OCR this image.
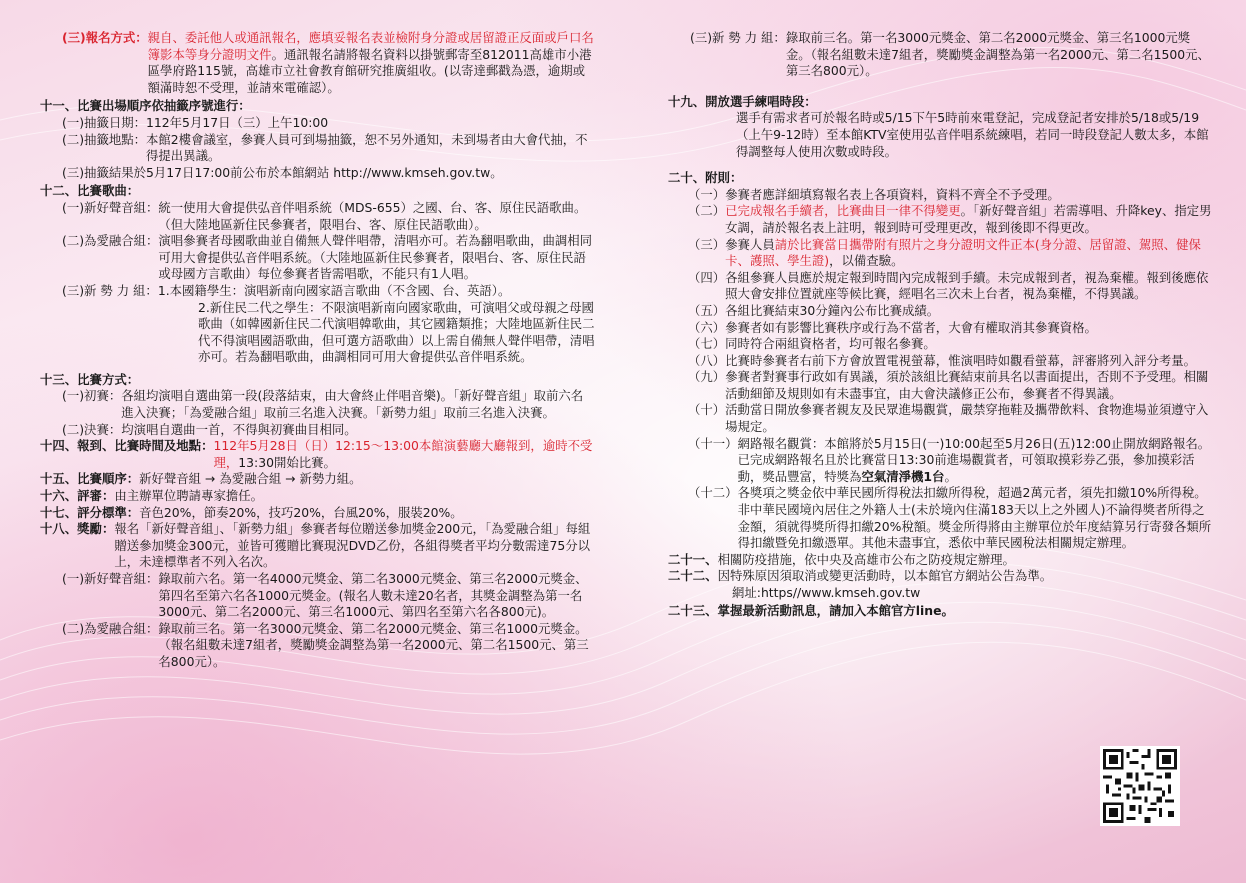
(三)報名方式： 親自、委託他人或通訊報名，應填妥報名表並檢附身分證或居留證正反面或戶口名簿影本等身分證明文件。通訊報名請將報名資料以掛號郵寄至812011高雄市小港區學府路115號，高雄市立社會教育館研究推廣組收。(以寄達郵戳為憑，逾期或額滿時恕不受理，並請來電確認）。
十一、比賽出場順序依抽籤序號進行：
(一)抽籤日期： 112年5月17日（三）上午10:00
(二)抽籤地點： 本館2樓會議室，參賽人員可到場抽籤，恕不另外通知，未到場者由大會代抽，不得提出異議。
(三)抽籤結果於 5月17日17:00前公布於本館網站 http://www.kmseh.gov.tw。
十二、比賽歌曲：
(一)新好聲音組： 統一使用大會提供弘音伴唱系統（MDS-655）之國、台、客、原住民語歌曲。（但大陸地區新住民參賽者，限唱台、客、原住民語歌曲）。
(二)為愛融合組： 演唱參賽者母國歌曲並自備無人聲伴唱帶，清唱亦可。若為翻唱歌曲，曲調相同可用大會提供弘音伴唱系統。（大陸地區新住民參賽者，限唱台、客、原住民語或母國方言歌曲）每位參賽者皆需唱歌，不能只有1人唱。
(三)新 勢 力 組： 1.本國籍學生：演唱新南向國家語言歌曲（不含國、台、英語）。
2.新住民二代之學生：不限演唱新南向國家歌曲，可演唱父或母親之母國歌曲（如韓國新住民二代演唱韓歌曲，其它國籍類推；大陸地區新住民二代不得演唱國語歌曲，但可選方語歌曲）以上需自備無人聲伴唱帶，清唱亦可。若為翻唱歌曲，曲調相同可用大會提供弘音伴唱系統。
十三、比賽方式：
(一)初賽： 各組均演唱自選曲第一段(段落結束，由大會終止伴唱音樂)。「新好聲音組」取前六名進入決賽；「為愛融合組」取前三名進入決賽。「新勢力組」取前三名進入決賽。
(二)決賽： 均演唱自選曲一首，不得與初賽曲目相同。
十四、報到、比賽時間及地點： 112年5月28日（日）12:15～13:00本館演藝廳大廳報到，逾時不受理，13:30開始比賽。
十五、比賽順序： 新好聲音組 → 為愛融合組 → 新勢力組。
十六、評審： 由主辦單位聘請專家擔任。
十七、評分標準： 音色20%，節奏20%，技巧20%，台風20%，服裝20%。
十八、獎勵： 報名「新好聲音組」、「新勢力組」參賽者每位贈送參加獎金200元，「為愛融合組」每組贈送參加獎金300元，並皆可獲贈比賽現況DVD乙份，各組得獎者平均分數需達75分以上，未達標準者不列入名次。
(一)新好聲音組： 錄取前六名。第一名4000元獎金、第二名3000元獎金、第三名2000元獎金、第四名至第六名各1000元獎金。(報名人數未達20名者，其獎金調整為第一名3000元、第二名2000元、第三名1000元、第四名至第六名各800元)。
(二)為愛融合組： 錄取前三名。第一名3000元獎金、第二名2000元獎金、第三名1000元獎金。（報名組數未達7組者，獎勵獎金調整為第一名2000元、第二名1500元、第三名800元）。
(三)新 勢 力 組： 錄取前三名。第一名3000元獎金、第二名2000元獎金、第三名1000元獎金。（報名組數未達7組者，獎勵獎金調整為第一名2000元、第二名1500元、第三名800元）。
十九、開放選手練唱時段：
選手有需求者可於報名時或5/15下午5時前來電登記，完成登記者安排於5/18或5/19（上午9-12時）至本館KTV室使用弘音伴唱系統練唱，若同一時段登記人數太多，本館得調整每人使用次數或時段。
二十、附則：
（一） 參賽者應詳細填寫報名表上各項資料，資料不齊全不予受理。
（二） 已完成報名手續者，比賽曲目一律不得變更。「新好聲音組」若需導唱、升降key、指定男女調，請於報名表上註明，報到時可受理更改，報到後即不得更改。
（三） 參賽人員請於比賽當日攜帶附有照片之身分證明文件正本(身分證、居留證、駕照、健保卡、護照、學生證)，以備查驗。
（四） 各組參賽人員應於規定報到時間內完成報到手續。未完成報到者，視為棄權。報到後應依照大會安排位置就座等候比賽，經唱名三次未上台者，視為棄權，不得異議。
（五） 各組比賽結束30分鐘內公布比賽成績。
（六） 參賽者如有影響比賽秩序或行為不當者，大會有權取消其參賽資格。
（七） 同時符合兩組資格者，均可報名參賽。
（八） 比賽時參賽者右前下方會放置電視螢幕，惟演唱時如觀看螢幕，評審將列入評分考量。
（九） 參賽者對賽事行政如有異議，須於該組比賽結束前具名以書面提出，否則不予受理。相關活動細節及規則如有未盡事宜，由大會決議修正公布，參賽者不得異議。
（十） 活動當日開放參賽者親友及民眾進場觀賞，嚴禁穿拖鞋及攜帶飲料、食物進場並須遵守入場規定。
（十一） 網路報名觀賞：本館將於5月15日(一)10:00起至5月26日(五)12:00止開放網路報名。已完成網路報名且於比賽當日13:30前進場觀賞者，可領取摸彩券乙張，參加摸彩活動，獎品豐富，特獎為空氣清淨機1台。
（十二） 各獎項之獎金依中華民國所得稅法扣繳所得稅，超過2萬元者，須先扣繳10%所得稅。非中華民國境內居住之外籍人士(未於境內住滿183天以上之外國人)不論得獎者所得之金額，須就得獎所得扣繳20%稅額。獎金所得將由主辦單位於年度結算另行寄發各類所得扣繳暨免扣繳憑單。其他未盡事宜，悉依中華民國稅法相關規定辦理。
二十一、 相關防疫措施，依中央及高雄市公布之防疫規定辦理。
二十二、 因特殊原因須取消或變更活動時，以本館官方網站公告為準。
網址:https//www.kmseh.gov.tw
二十三、掌握最新活動訊息，請加入本館官方line。
